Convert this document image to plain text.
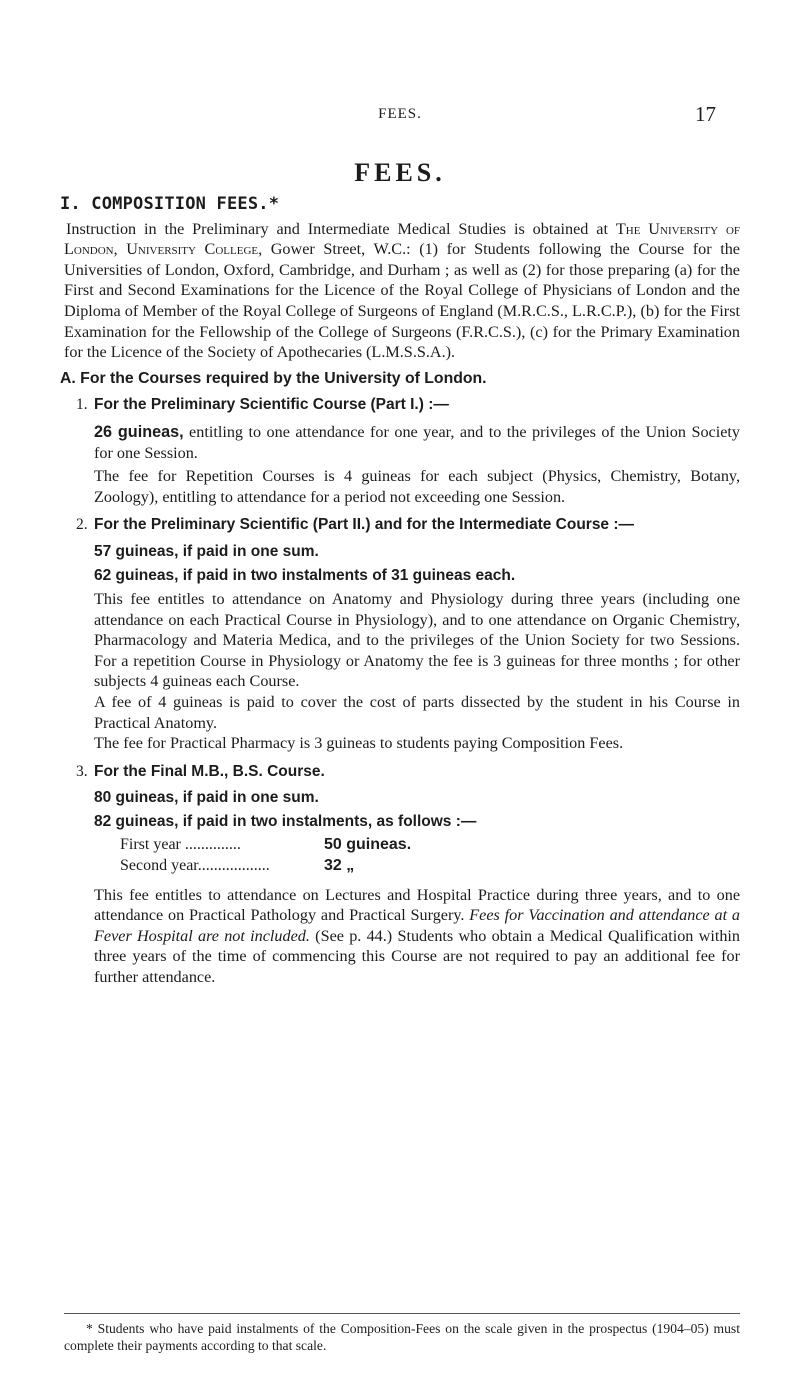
FEES.	17
FEES.
I. COMPOSITION FEES.*

Instruction in the Preliminary and Intermediate Medical Studies is obtained at The University of London, University College, Gower Street, W.C.: (1) for Students following the Course for the Universities of London, Oxford, Cambridge, and Durham ; as well as (2) for those preparing (a) for the First and Second Examinations for the Licence of the Royal College of Physicians of London and the Diploma of Member of the Royal College of Surgeons of England (M.R.C.S., L.R.C.P.), (b) for the First Examination for the Fellowship of the College of Surgeons (F.R.C.S.), (c) for the Primary Examination for the Licence of the Society of Apothecaries (L.M.S.S.A.).

A. For the Courses required by the University of London.
1. For the Preliminary Scientific Course (Part I.) :—

26 guineas, entitling to one attendance for one year, and to the privileges of the Union Society for one Session.

The fee for Repetition Courses is 4 guineas for each subject (Physics, Chemistry, Botany, Zoology), entitling to attendance for a period not exceeding one Session.

2. For the Preliminary Scientific (Part II.) and for the Intermediate Course :—

57 guineas, if paid in one sum.

62 guineas, if paid in two instalments of 31 guineas each.

This fee entitles to attendance on Anatomy and Physiology during three years (including one attendance on each Practical Course in Physiology), and to one attendance on Organic Chemistry, Pharmacology and Materia Medica, and to the privileges of the Union Society for two Sessions. For a repetition Course in Physiology or Anatomy the fee is 3 guineas for three months ; for other subjects 4 guineas each Course.

A fee of 4 guineas is paid to cover the cost of parts dissected by the student in his Course in Practical Anatomy.

The fee for Practical Pharmacy is 3 guineas to students paying Composition Fees.

3. For the Final M.B., B.S. Course.

80 guineas, if paid in one sum.

82 guineas, if paid in two instalments, as follows :—

First year ..............	50 guineas.
Second year..................	32 „

This fee entitles to attendance on Lectures and Hospital Practice during three years, and to one attendance on Practical Pathology and Practical Surgery. Fees for Vaccination and attendance at a Fever Hospital are not included. (See p. 44.) Students who obtain a Medical Qualification within three years of the time of commencing this Course are not required to pay an additional fee for further attendance.

* Students who have paid instalments of the Composition-Fees on the scale given in the prospectus (1904–05) must complete their payments according to that scale.
